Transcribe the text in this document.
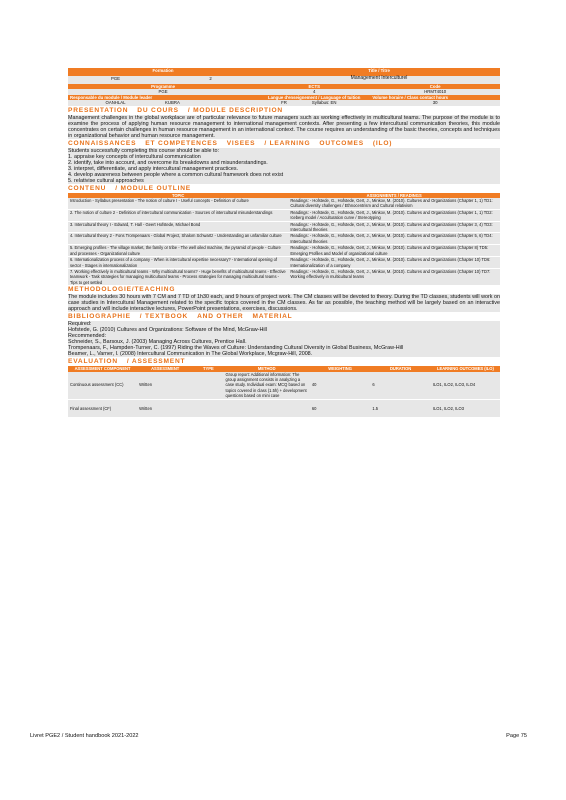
Formation		Title / Titre		
PGE	2	Management Interculturel		
Programme		ECTS		Code
PGE		4		HRMT4010
Responsable du module / Module leader		Langue d'enseignement / Language of tuition		Volume horaire / Class contact hours
OANHLAL	KUBRA	FR	Syllabus: EN	30
PRESENTATION DU COURS / MODULE DESCRIPTION
Management challenges in the global workplace are of particular relevance to future managers such as working effectively in multicultural teams. The purpose of the module is to examine the process of applying human resource management to international management contexts. After presenting a few intercultural communication theories, this module concentrates on certain challenges in human resource management in an international context. The course requires an understanding of the basic theories, concepts and techniques in organizational behavior and human resource management.
CONNAISSANCES ET COMPETENCES VISEES / LEARNING OUTCOMES (ILO)
Students successfully completing this course should be able to:
1. appraise key concepts of intercultural communication
2. identify, take into account, and overcome its breakdowns and misunderstandings.
3. interpret, differentiate, and apply intercultural management practices.
4. develop awareness between people where a common cultural framework does not exist
5. relativise cultural approaches
CONTENU / MODULE OUTLINE
TOPIC	ASSIGNMENTS / READINGS
Introduction - Syllabus presentation - The notion of culture I - Useful concepts - Definition of culture	Readings: - Hofstede, G., Hofstede, Gert, J., Minkov, M. (2010). Cultures and Organizations (Chapter 1, 1) TD1: Cultural diversity challenges / Ethnocentrism and Cultural relativism
2. The notion of culture 2 - Definition of intercultural communication - Sources of intercultural misunderstandings	Readings: - Hofstede, G., Hofstede, Gert, J., Minkov, M. (2010). Cultures and Organizations (Chapter 1, 1) TD2: Iceberg model / Acculturation curve / Stereotyping
3. Intercultural theory I - Edward, T. Hall - Geert Hofstede, Michael Bond	Readings: - Hofstede, G., Hofstede, Gert, J., Minkov, M. (2010). Cultures and Organizations (Chapter 3, 4) TD3: Intercultural theories
4. Intercultural theory 2 - Fons Trompenaars - Global Project, Shalom Schwartz - Understanding an unfamiliar culture	Readings: - Hofstede, G., Hofstede, Gert, J., Minkov, M. (2010). Cultures and Organizations (Chapter 5, 6) TD4: Intercultural theories
5. Emerging profiles - The village market, the family or tribe - The well oiled machine, the pyramid of people - Culture and processes - Organizational culture	Readings: - Hofstede, G., Hofstede, Gert, J., Minkov, M. (2010). Cultures and Organizations (Chapter 8) TD5: Emerging Profiles and Model of organizational culture
6. Internationalization process of a company - When is intercultural expertise necessary? - International opening of sector - Stages in internationalization	Readings: - Hofstede, G., Hofstede, Gert, J., Minkov, M. (2010). Cultures and Organizations (Chapter 10) TD6: Internationalization of a company
7. Working effectively in multicultural teams - Why multicultural teams? - Huge benefits of multicultural teams - Effective teamwork - Task strategies for managing multicultural teams - Process strategies for managing multicultural teams - Tips to get settled	Readings: - Hofstede, G., Hofstede, Gert, J., Minkov, M. (2010). Cultures and Organizations (Chapter 10) TD7: Working effectively in multicultural teams
METHODOLOGIE/TEACHING
The module includes 30 hours with 7 CM and 7 TD of 1h30 each, and 9 hours of project work. The CM classes will be devoted to theory. During the TD classes, students will work on case studies in Intercultural Management related to the specific topics covered in the CM classes. As far as possible, the teaching method will be largely based on an interactive approach and will include interactive lectures, PowerPoint presentations, exercises, discussions.
BIBLIOGRAPHIE / TEXTBOOK AND OTHER MATERIAL
Required:
Hofstede, G. (2010) Cultures and Organizations: Software of the Mind, McGraw-Hill
Recommended:
Schneider, S., Barsoux, J. (2003) Managing Across Cultures, Prentice Hall.
Trompenaars, F., Hampden-Turner, C. (1997) Riding the Waves of Culture: Understanding Cultural Diversity in Global Business, McGraw-Hill
Beamer, L., Varner, I. (2008) Intercultural Communication in The Global Workplace, Mcgraw-Hill, 2008.
EVALUATION / ASSESSMENT
ASSESSMENT COMPONENT	ASSESSMENT	TYPE	METHOD	WEIGHTING	DURATION	LEARNING OUTCOMES (ILO)
Continuous assessment (CC)	Written		Group report: Additional information: The group assignment consists in analyzing a case study. Individual exam: MCQ based on topics covered in class (1.5h) + development questions based on mini case	40	6	ILO1, ILO2, ILO3, ILO4
Final assessment (CF)	Written			60	1.5	ILO1, ILO2, ILO3
Livret PGE2 / Student handbook 2021-2022	Page 75
